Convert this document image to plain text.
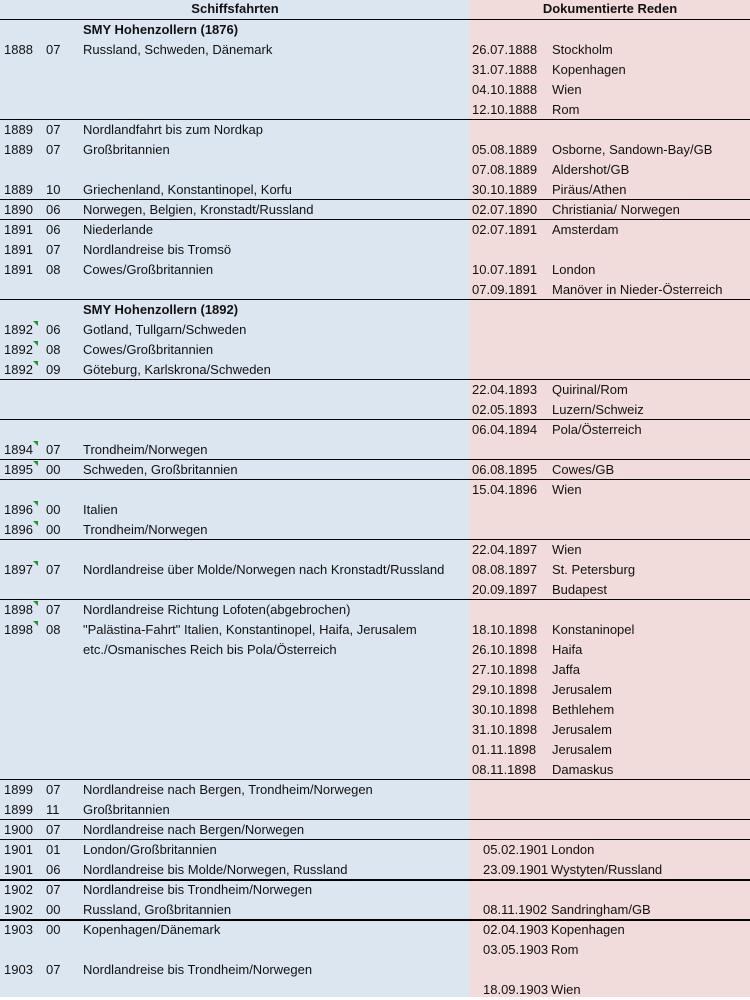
Schiffsfahrten	Dokumentierte Reden
SMY Hohenzollern (1876)
1888	07	Russland, Schweden, Dänemark	26.07.1888	Stockholm
31.07.1888	Kopenhagen
04.10.1888	Wien
12.10.1888	Rom
1889	07	Nordlandfahrt bis zum Nordkap
1889	07	Großbritannien	05.08.1889	Osborne, Sandown-Bay/GB
07.08.1889	Aldershot/GB
1889	10	Griechenland, Konstantinopel, Korfu	30.10.1889	Piräus/Athen
1890	06	Norwegen, Belgien, Kronstadt/Russland	02.07.1890	Christiania/ Norwegen
1891	06	Niederlande	02.07.1891	Amsterdam
1891	07	Nordlandreise bis Tromsö
1891	08	Cowes/Großbritannien	10.07.1891	London
07.09.1891	Manöver in Nieder-Österreich
SMY Hohenzollern (1892)
1892	06	Gotland, Tullgarn/Schweden
1892	08	Cowes/Großbritannien
1892	09	Göteburg, Karlskrona/Schweden
22.04.1893	Quirinal/Rom
02.05.1893	Luzern/Schweiz
06.04.1894	Pola/Österreich
1894	07	Trondheim/Norwegen
1895	00	Schweden, Großbritannien	06.08.1895	Cowes/GB
15.04.1896	Wien
1896	00	Italien
1896	00	Trondheim/Norwegen
22.04.1897	Wien
1897	07	Nordlandreise über Molde/Norwegen nach Kronstadt/Russland	08.08.1897	St. Petersburg
20.09.1897	Budapest
1898	07	Nordlandreise Richtung Lofoten(abgebrochen)
1898	08	"Palästina-Fahrt" Italien, Konstantinopel, Haifa, Jerusalem	18.10.1898	Konstaninopel
etc./Osmanisches Reich bis Pola/Österreich	26.10.1898	Haifa
27.10.1898	Jaffa
29.10.1898	Jerusalem
30.10.1898	Bethlehem
31.10.1898	Jerusalem
01.11.1898	Jerusalem
08.11.1898	Damaskus
1899	07	Nordlandreise nach Bergen, Trondheim/Norwegen
1899	11	Großbritannien
1900	07	Nordlandreise nach Bergen/Norwegen
1901	01	London/Großbritannien	05.02.1901 London
1901	06	Nordlandreise bis Molde/Norwegen, Russland	23.09.1901 Wystyten/Russland
1902	07	Nordlandreise bis Trondheim/Norwegen
1902	00	Russland, Großbritannien	08.11.1902 Sandringham/GB
1903	00	Kopenhagen/Dänemark	02.04.1903 Kopenhagen
03.05.1903 Rom
1903	07	Nordlandreise bis Trondheim/Norwegen
18.09.1903 Wien
